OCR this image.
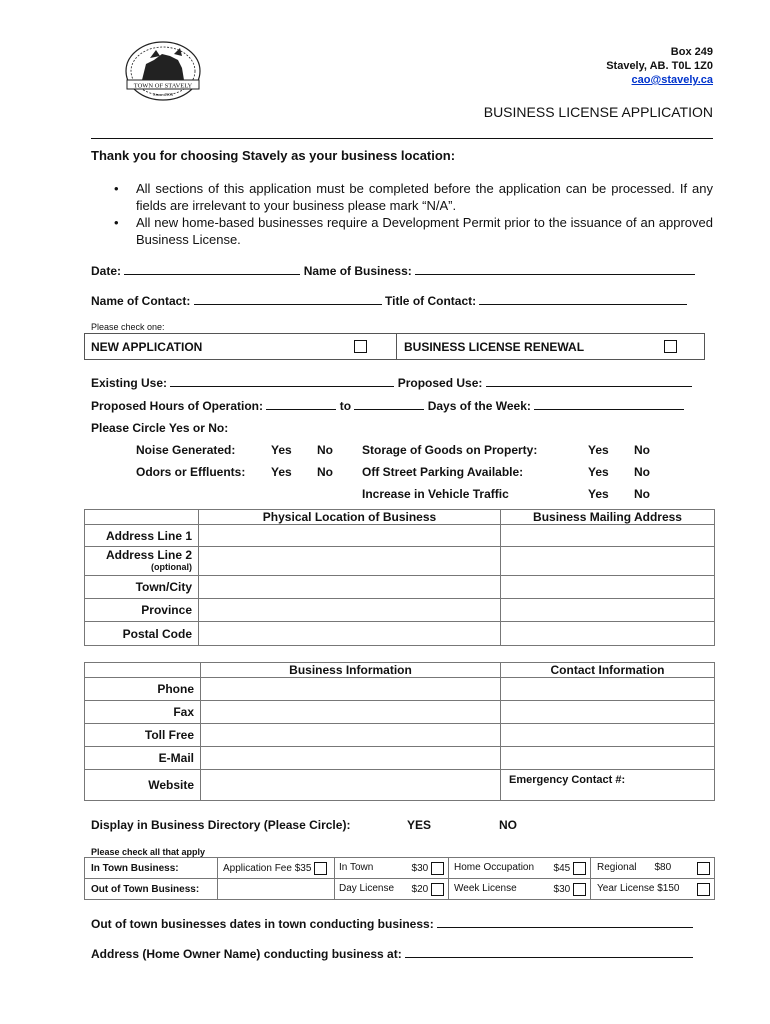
TOWN OF STAVELY
Since 1903
Box 249
Stavely, AB. T0L 1Z0
cao@stavely.ca
BUSINESS LICENSE APPLICATION
Thank you for choosing Stavely as your business location:
• All sections of this application must be completed before the application can be processed. If any fields are irrelevant to your business please mark “N/A”.
• All new home-based businesses require a Development Permit prior to the issuance of an approved Business License.
Date:	Name of Business:
Name of Contact:	Title of Contact:
Please check one:
NEW APPLICATION	BUSINESS LICENSE RENEWAL
Existing Use:	Proposed Use:
Proposed Hours of Operation:	to	Days of the Week:
Please Circle Yes or No:
Noise Generated:	Yes No
Odors or Effluents: Yes No
Storage of Goods on Property:	Yes No
Off Street Parking Available:	Yes No
Increase in Vehicle Traffic	Yes No
	Physical Location of Business	Business Mailing Address
Address Line 1		

Address Line 2
(optional)		

Town/City		
Province		
Postal Code		
	Business Information	Contact Information
Phone		
Fax		
Toll Free		
E-Mail		
Website		Emergency Contact #:
Display in Business Directory (Please Circle):	YES	NO
Please check all that apply
In Town Business:	Application Fee $35	In Town $30	Home Occupation $45	Regional $80

Out of Town Business:		Day License $20	Week License $30	Year License $150
Out of town businesses dates in town conducting business:
Address (Home Owner Name) conducting business at:
